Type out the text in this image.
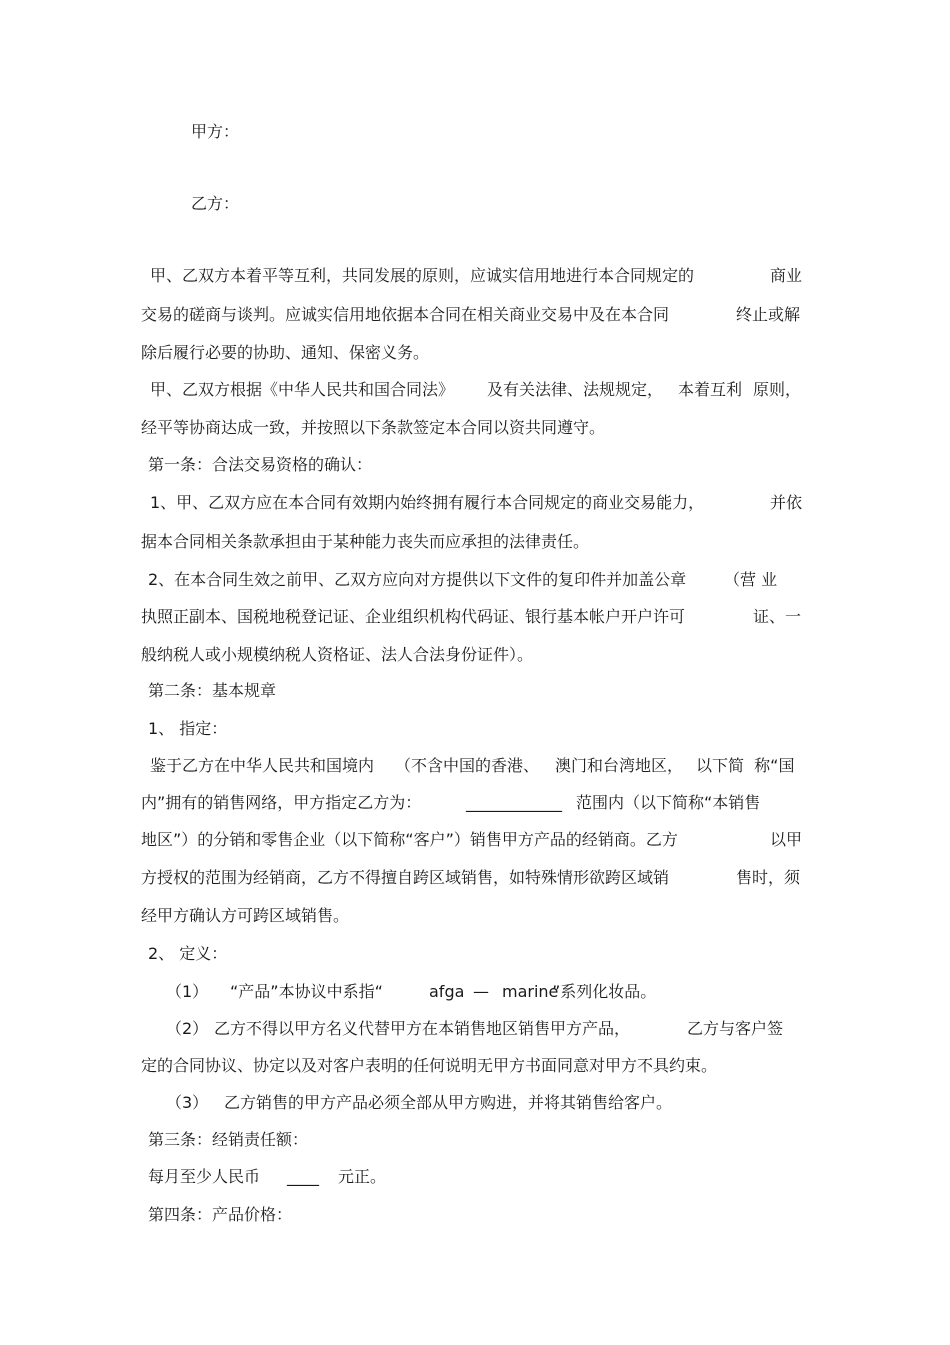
甲方：
乙方：
甲、乙双方本着平等互利，共同发展的原则，应诚实信用地进行本合同规定的	商业
交易的磋商与谈判。应诚实信用地依据本合同在相关商业交易中及在本合同	终止或解
除后履行必要的协助、通知、保密义务。
甲、乙双方根据《中华人民共和国合同法》 及有关法律、法规规定， 本着互利 原则，
经平等协商达成一致，并按照以下条款签定本合同以资共同遵守。
第一条：合法交易资格的确认：
1、甲、乙双方应在本合同有效期内始终拥有履行本合同规定的商业交易能力，	并依
据本合同相关条款承担由于某种能力丧失而应承担的法律责任。
2、在本合同生效之前甲、乙双方应向对方提供以下文件的复印件并加盖公章 （营 业
执照正副本、国税地税登记证、企业组织机构代码证、银行基本帐户开户许可	证、一
般纳税人或小规模纳税人资格证、法人合法身份证件）。
第二条：基本规章
1、 指定：
鉴于乙方在中华人民共和国境内 （不含中国的香港、 澳门和台湾地区， 以下简  称“国
内”拥有的销售网络，甲方指定乙方为：	____________ 范围内（以下简称“本销售
地区”）的分销和零售企业（以下简称“客户”）销售甲方产品的经销商。乙方	以甲
方授权的范围为经销商，乙方不得擅自跨区域销售，如特殊情形欲跨区域销	售时，须
经甲方确认方可跨区域销售。
2、 定义：
（1） “产品”本协议中系指“	afga — marine
”系列化妆品。
（2） 乙方不得以甲方名义代替甲方在本销售地区销售甲方产品，	乙方与客户签
定的合同协议、协定以及对客户表明的任何说明无甲方书面同意对甲方不具约束。
（3） 乙方销售的甲方产品必须全部从甲方购进，并将其销售给客户。
第三条：经销责任额：
每月至少人民币 ____ 元正。
第四条：产品价格：
